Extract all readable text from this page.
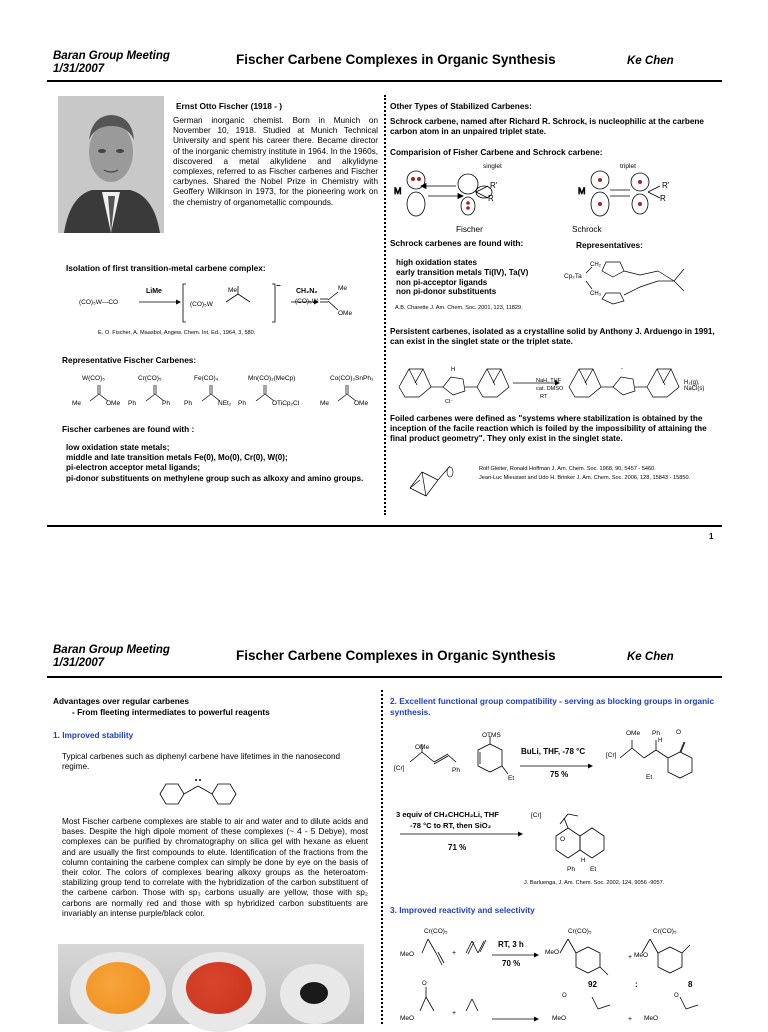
Baran Group Meeting
1/31/2007
Fischer Carbene Complexes in Organic Synthesis	Ke Chen
Ernst Otto Fischer (1918 - )

German inorganic chemist. Born in Munich on November 10, 1918. Studied at Munich Technical University and spent his career there. Became director of the inorganic chemistry institute in 1964. In the 1960s, discovered a metal alkylidene and alkylidyne complexes, referred to as Fischer carbenes and Fischer carbynes. Shared the Nobel Prize in Chemistry with Geoffery Wilkinson in 1973, for the pioneering work on the chemistry of organometallic compounds.

Isolation of first transition-metal carbene complex:
(CO)₅W—CO
LiMe
(CO)₅W
Me
−
CH₂N₂
(CO)₅W
Me
OMe
E. O. Fischer, A. Maasbol, Angew. Chem. Int. Ed., 1964, 3, 580.
Representative Fischer Carbenes:
W(CO)₅
Me	OMe
Cr(CO)₅
Ph	Ph
Fe(CO)₄
Ph	NEt₂
Mn(CO)₂(MeCp)
Ph	OTiCp₂Cl
Co(CO)₃SnPh₃
Me	OMe
Fischer carbenes are found with :
low oxidation state metals;
middle and late transition metals Fe(0), Mo(0), Cr(0), W(0);
pi-electron acceptor metal ligands;
pi-donor substituents on methylene group such as alkoxy and amino groups.
Other Types of Stabilized Carbenes:

Schrock carbene, named after Richard R. Schrock, is nucleophilic at the carbene carbon atom in an unpaired triplet state.

Comparision of Fisher Carbene and Schrock carbene:
singlet	triplet
M	M
R'
R
R'
R
Fischer	Schrock
Schrock carbenes are found with:	Representatives:
high oxidation states
early transition metals Ti(IV), Ta(V)
non pi-acceptor ligands
non pi-donor substituents
A.B. Charette J. Am. Chem. Soc. 2001, 123, 11829.
Cp₂Ta
CH₂
CH₃

Persistent carbenes, isolated as a crystalline solid by Anthony J. Arduengo in 1991, can exist in the singlet state or the triplet state.

H
Cl⁻
¨
NaH, THF
cat. DMSO
RT
H₂(g), NaCl(s)

Foiled carbenes were defined as "systems where stabilization is obtained by the inception of the facile reaction which is foiled by the impossibility of attaining the final product geometry". They only exist in the singlet state.

Rolf Gleiter, Ronald Hoffman J. Am. Chem. Soc. 1968, 90, 5457 - 5460.
Jean-Luc Mieusset and Udo H. Brinker J. Am. Chem. Soc. 2006, 128, 15843 - 15850.
1
Baran Group Meeting
1/31/2007	Fischer Carbene Complexes in Organic Synthesis	Ke Chen
Advantages over regular carbenes
- From fleeting intermediates to powerful reagents
1. Improved stability

Typical carbenes such as diphenyl carbene have lifetimes in the nanosecond regime.

Most Fischer carbene complexes are stable to air and water and to dilute acids and bases. Despite the high dipole moment of these complexes (~ 4 - 5 Debye), most complexes can be purified by chromatography on silica gel with hexane as eluent and are usually the first compounds to elute. Identification of the fractions from the column containing the carbene complex can simply be done by eye on the basis of their color. The colors of complexes bearing alkoxy groups as the heteroatom-stabilizing group tend to correlate with the hybridization of the carbon substituent of the carbene carbon. Those with sp₃ carbons usually are yellow, those with sp₂ carbons are normally red and those with sp hybridized carbon substituents are invariably an intense purple/black color.

2. Excellent functional group compatibility - serving as blocking groups in organic synthesis.
OMe
[Cr]	Ph
OTMS
Et
BuLi, THF, -78 °C
75 %
OMe Ph O
H
[Cr]
Et
3 equiv of CH₂CHCH₂Li, THF
-78 °C to RT, then SiO₂
[Cr]
O
71 %
H
Ph Et
J. Barluenga, J. Am. Chem. Soc. 2002, 124, 9056 -9057.
3. Improved reactivity and selectivity
+
+
+
+
O	O
O
Cr(CO)₅
MeO
RT, 3 h
70 %
Cr(CO)₅
MeO
Cr(CO)₅
MeO
92	:	8
MeO	MeO	MeO
